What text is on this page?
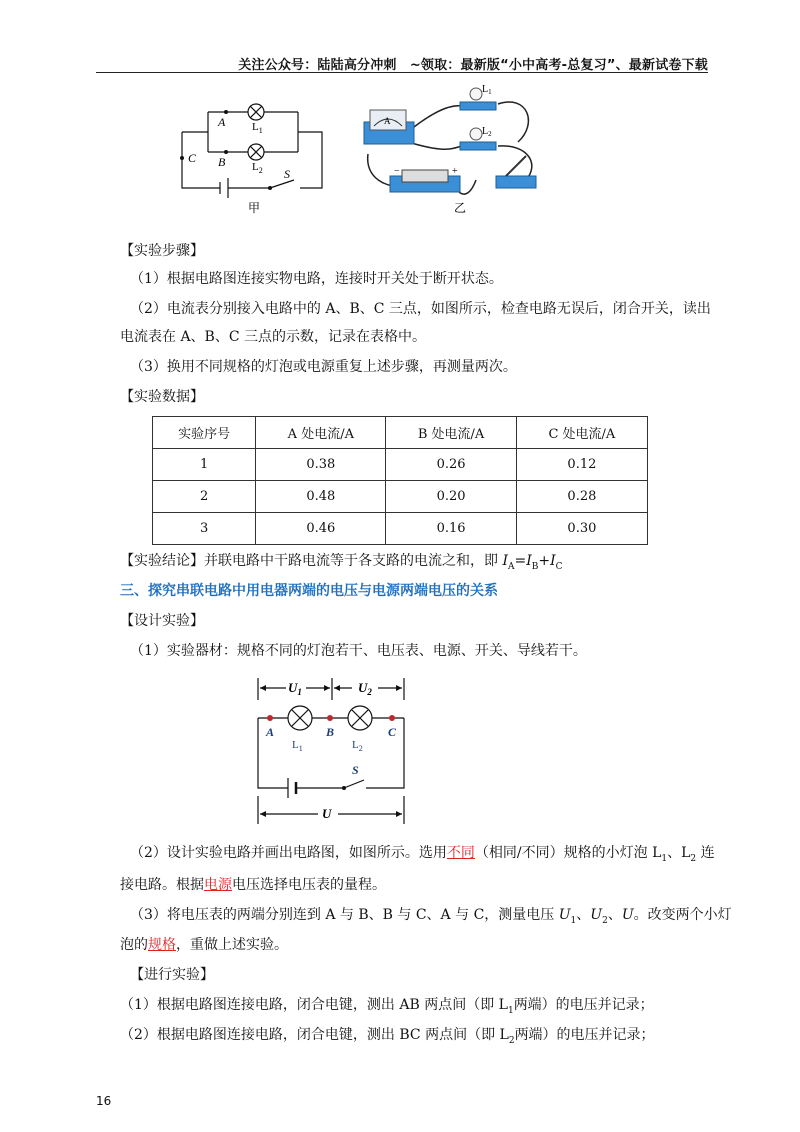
关注公众号：陆陆高分冲刺　~领取：最新版“小中高考-总复习”、最新试卷下载
A
B
C
S
$L_1$
$L_2$
甲
A
$L_1$
$L_2$
−	+
乙
【实验步骤】
（1）根据电路图连接实物电路，连接时开关处于断开状态。
（2）电流表分别接入电路中的 A、B、C 三点，如图所示，检查电路无误后，闭合开关，读出
电流表在 A、B、C 三点的示数，记录在表格中。
（3）换用不同规格的灯泡或电源重复上述步骤，再测量两次。
【实验数据】
实验序号	A 处电流/A	B 处电流/A	C 处电流/A
1	0.38	0.26	0.12
2	0.48	0.20	0.28
3	0.46	0.16	0.30
【实验结论】并联电路中干路电流等于各支路的电流之和，即 $I_A=I_B+I_C$
三、探究串联电路中用电器两端的电压与电源两端电压的关系
【设计实验】
（1）实验器材：规格不同的灯泡若干、电压表、电源、开关、导线若干。
$U_1$	$U_2$
U
A	B	C
S
$L_1$	$L_2$
（2）设计实验电路并画出电路图，如图所示。选用不同（相同/不同）规格的小灯泡 $L_1$、$L_2$ 连
接电路。根据电源电压选择电压表的量程。
（3）将电压表的两端分别连到 A 与 B、B 与 C、A 与 C，测量电压 $U_1$、$U_2$、U。改变两个小灯
泡的规格，重做上述实验。
【进行实验】
（1）根据电路图连接电路，闭合电键，测出 AB 两点间（即 $L_1$两端）的电压并记录；
（2）根据电路图连接电路，闭合电键，测出 BC 两点间（即 $L_2$两端）的电压并记录；
16
